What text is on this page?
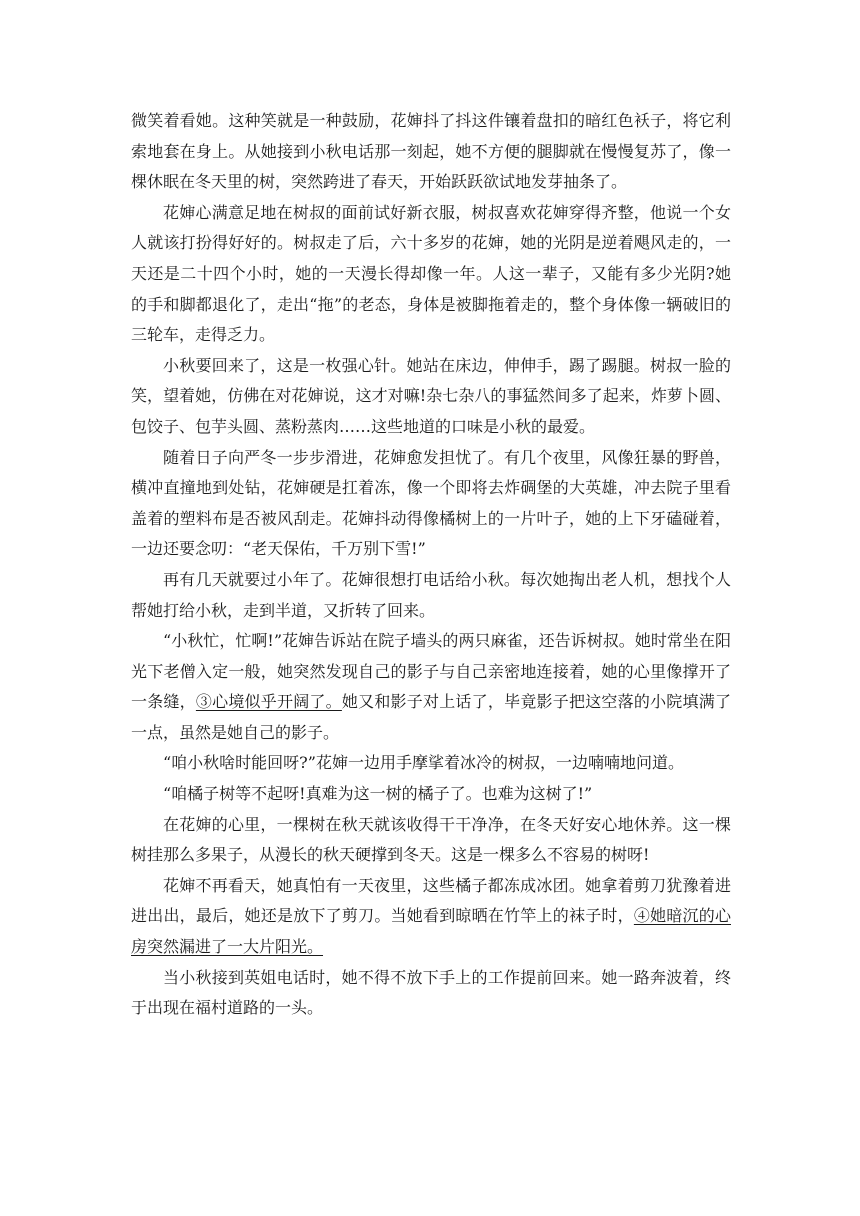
微笑着看她。这种笑就是一种鼓励，花婶抖了抖这件镶着盘扣的暗红色袄子，将它利索地套在身上。从她接到小秋电话那一刻起，她不方便的腿脚就在慢慢复苏了，像一棵休眠在冬天里的树，突然跨进了春天，开始跃跃欲试地发芽抽条了。

花婶心满意足地在树叔的面前试好新衣服，树叔喜欢花婶穿得齐整，他说一个女人就该打扮得好好的。树叔走了后，六十多岁的花婶，她的光阴是逆着飓风走的，一天还是二十四个小时，她的一天漫长得却像一年。人这一辈子，又能有多少光阴?她的手和脚都退化了，走出“拖”的老态，身体是被脚拖着走的，整个身体像一辆破旧的三轮车，走得乏力。

小秋要回来了，这是一枚强心针。她站在床边，伸伸手，踢了踢腿。树叔一脸的笑，望着她，仿佛在对花婶说，这才对嘛!杂七杂八的事猛然间多了起来，炸萝卜圆、包饺子、包芋头圆、蒸粉蒸肉……这些地道的口味是小秋的最爱。

随着日子向严冬一步步滑进，花婶愈发担忧了。有几个夜里，风像狂暴的野兽，横冲直撞地到处钻，花婶硬是扛着冻，像一个即将去炸碉堡的大英雄，冲去院子里看盖着的塑料布是否被风刮走。花婶抖动得像橘树上的一片叶子，她的上下牙磕碰着，一边还要念叨：“老天保佑，千万别下雪!”

再有几天就要过小年了。花婶很想打电话给小秋。每次她掏出老人机，想找个人帮她打给小秋，走到半道，又折转了回来。

“小秋忙，忙啊!”花婶告诉站在院子墙头的两只麻雀，还告诉树叔。她时常坐在阳光下老僧入定一般，她突然发现自己的影子与自己亲密地连接着，她的心里像撑开了一条缝，③心境似乎开阔了。她又和影子对上话了，毕竟影子把这空落的小院填满了一点，虽然是她自己的影子。

“咱小秋啥时能回呀?”花婶一边用手摩挲着冰冷的树叔，一边喃喃地问道。

“咱橘子树等不起呀!真难为这一树的橘子了。也难为这树了!”

在花婶的心里，一棵树在秋天就该收得干干净净，在冬天好安心地休养。这一棵树挂那么多果子，从漫长的秋天硬撑到冬天。这是一棵多么不容易的树呀!

花婶不再看天，她真怕有一天夜里，这些橘子都冻成冰团。她拿着剪刀犹豫着进进出出，最后，她还是放下了剪刀。当她看到晾晒在竹竿上的袜子时，④她暗沉的心房突然漏进了一大片阳光。

当小秋接到英姐电话时，她不得不放下手上的工作提前回来。她一路奔波着，终于出现在福村道路的一头。
